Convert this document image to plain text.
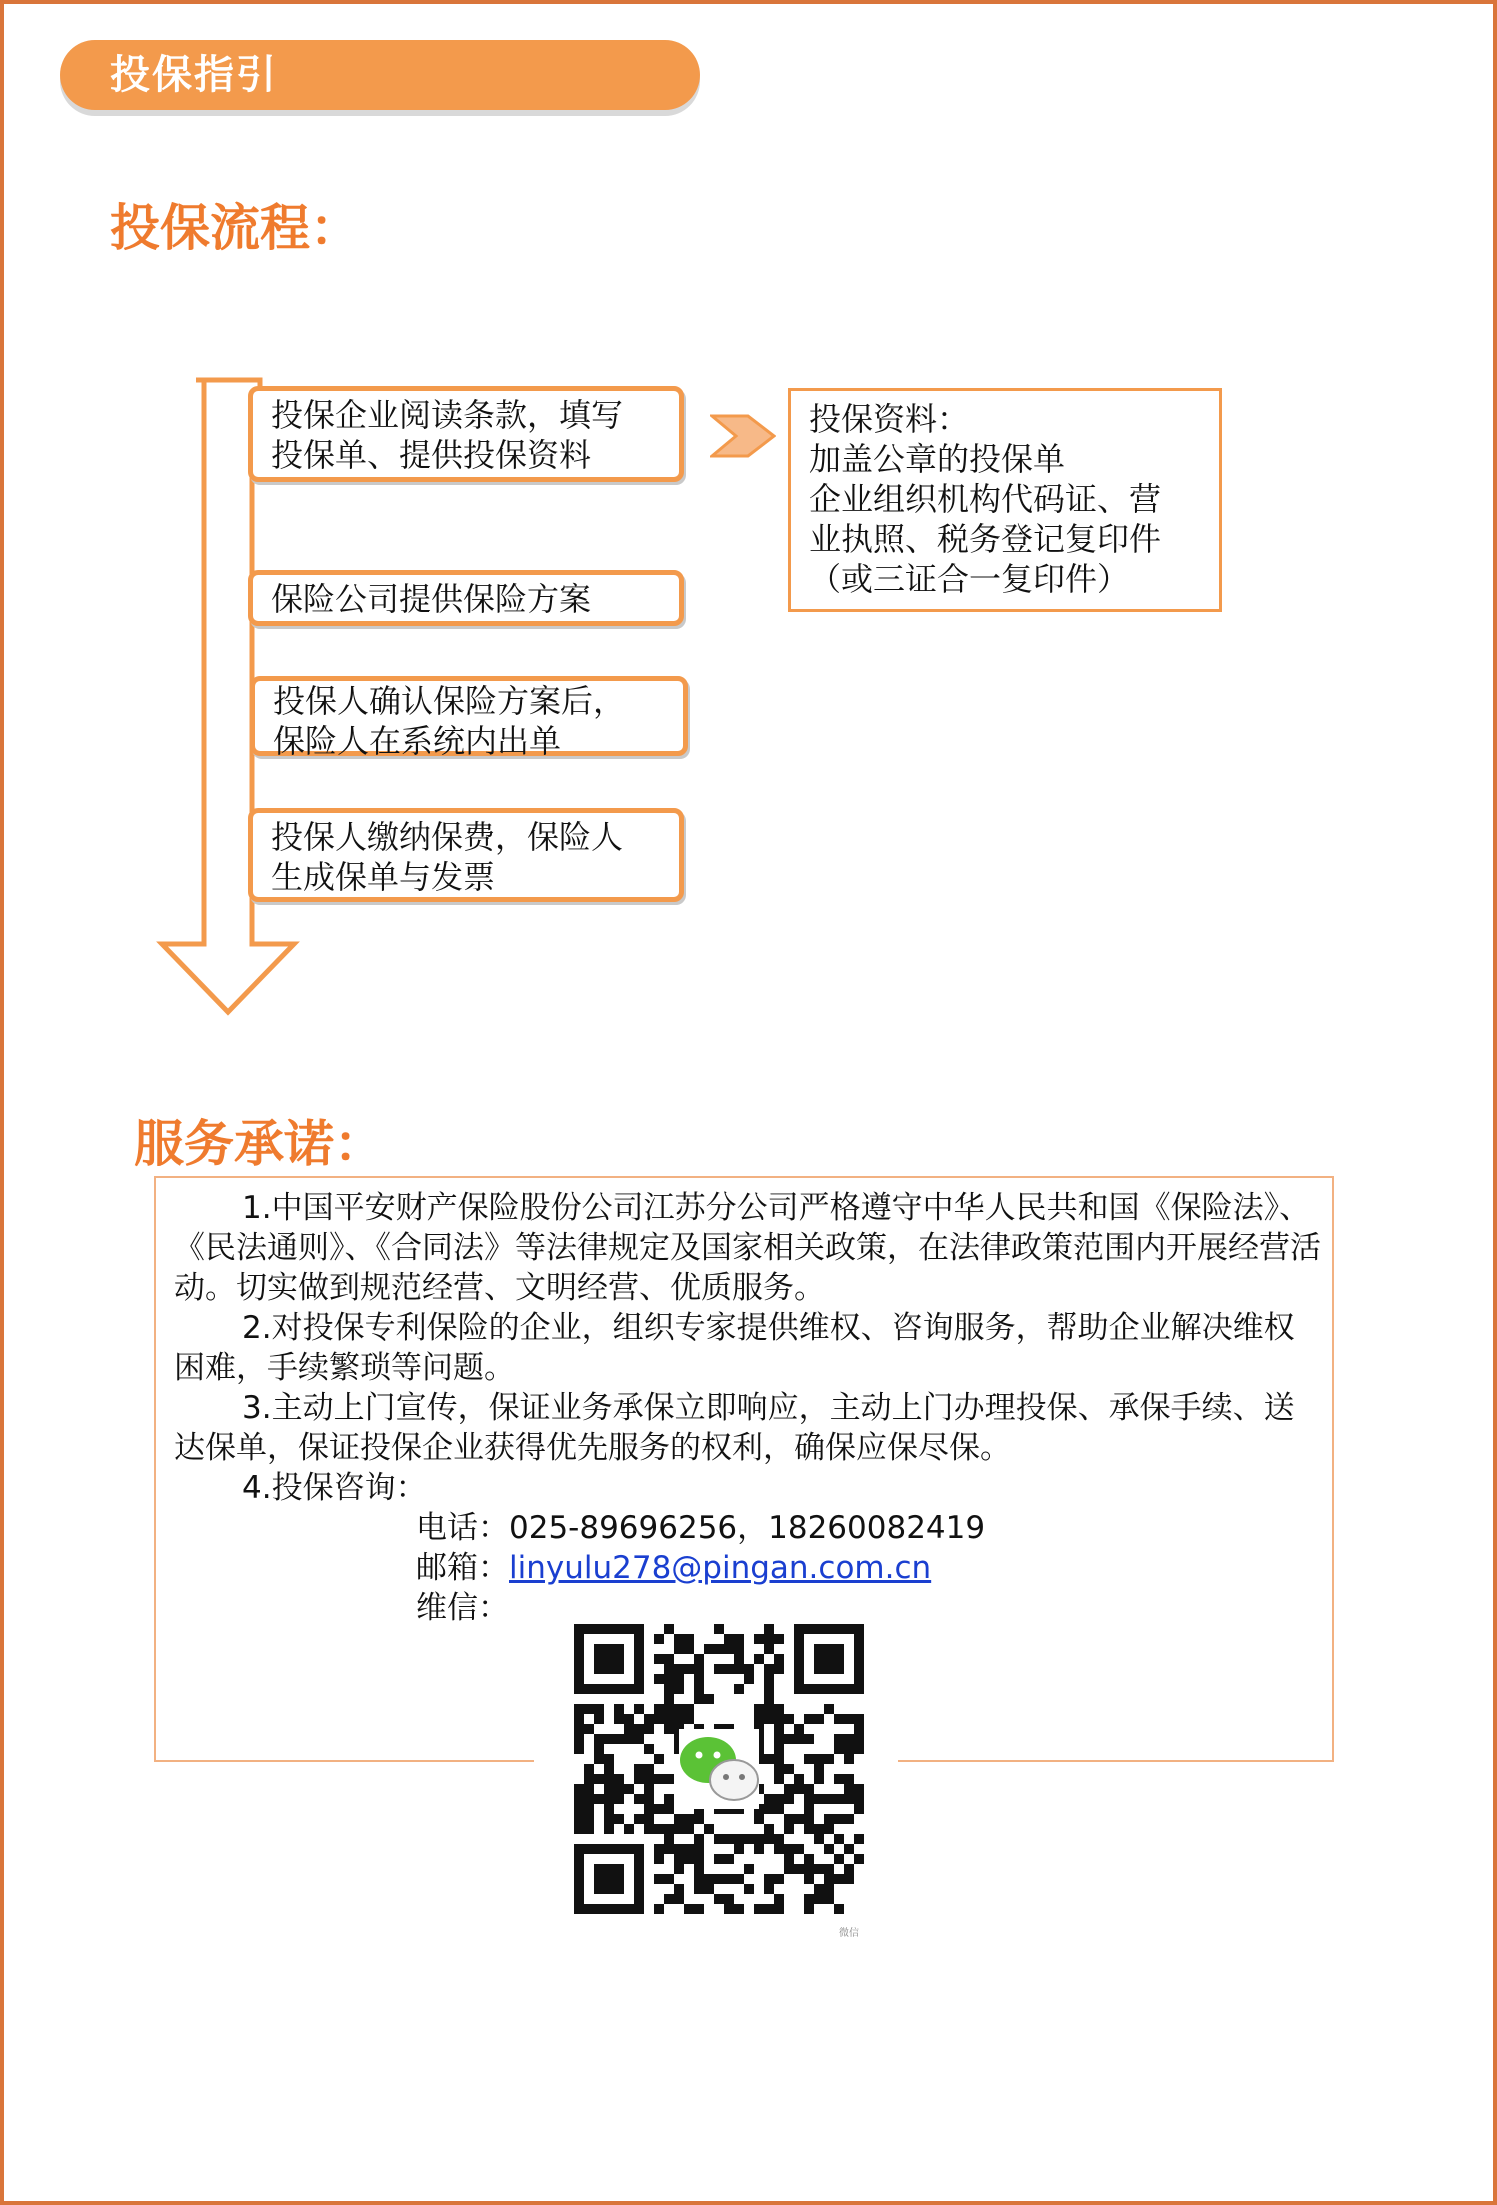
投保指引
投保流程：
投保企业阅读条款，填写
投保单、提供投保资料
保险公司提供保险方案
投保人确认保险方案后，
保险人在系统内出单
投保人缴纳保费，保险人
生成保单与发票
投保资料：
加盖公章的投保单
企业组织机构代码证、营
业执照、税务登记复印件
（或三证合一复印件）
服务承诺：
1.中国平安财产保险股份公司江苏分公司严格遵守中华人民共和国《保险法》、《民法通则》、《合同法》等法律规定及国家相关政策，在法律政策范围内开展经营活动。切实做到规范经营、文明经营、优质服务。
2.对投保专利保险的企业，组织专家提供维权、咨询服务，帮助企业解决维权困难，手续繁琐等问题。
3.主动上门宣传，保证业务承保立即响应，主动上门办理投保、承保手续、送达保单，保证投保企业获得优先服务的权利，确保应保尽保。
4.投保咨询：
电话：025-89696256，18260082419
邮箱：linyulu278@pingan.com.cn
维信：
微信
